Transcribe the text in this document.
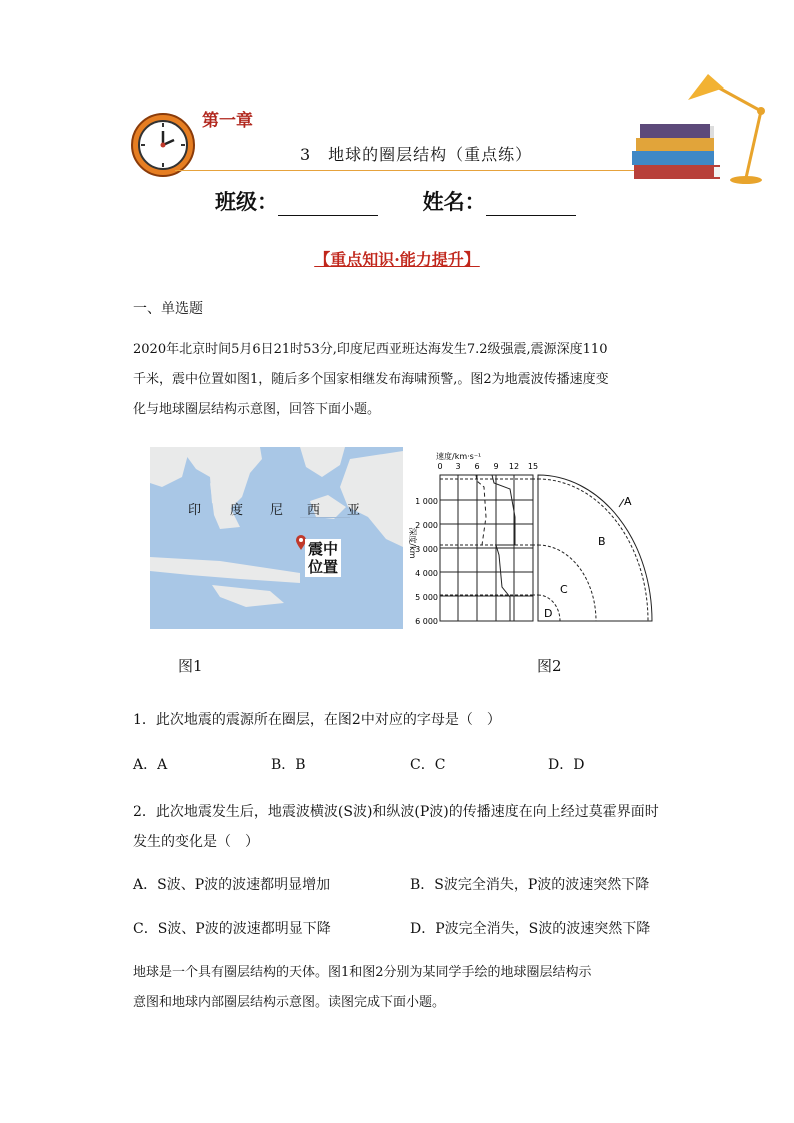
第一章
3　地球的圈层结构（重点练）
班级：	姓名：
【重点知识·能力提升】
一、单选题
2020年北京时间5月6日21时53分,印度尼西亚班达海发生7.2级强震,震源深度110
千米，震中位置如图1，随后多个国家相继发布海啸预警,。图2为地震波传播速度变
化与地球圈层结构示意图，回答下面小题。
印 度 尼 西 亚
震中
位置
图1
速度/km·s⁻¹
0 3 6 9 12 15
1 000
2 000
3 000
4 000
5 000
6 000
深度/km
A
B
C
D
图2
1．此次地震的震源所在圈层，在图2中对应的字母是（　）
A．A	B．B	C．C	D．D
2．此次地震发生后，地震波横波(S波)和纵波(P波)的传播速度在向上经过莫霍界面时
发生的变化是（　）
A．S波、P波的波速都明显增加	B．S波完全消失，P波的波速突然下降
C．S波、P波的波速都明显下降	D．P波完全消失，S波的波速突然下降
地球是一个具有圈层结构的天体。图1和图2分别为某同学手绘的地球圈层结构示
意图和地球内部圈层结构示意图。读图完成下面小题。
